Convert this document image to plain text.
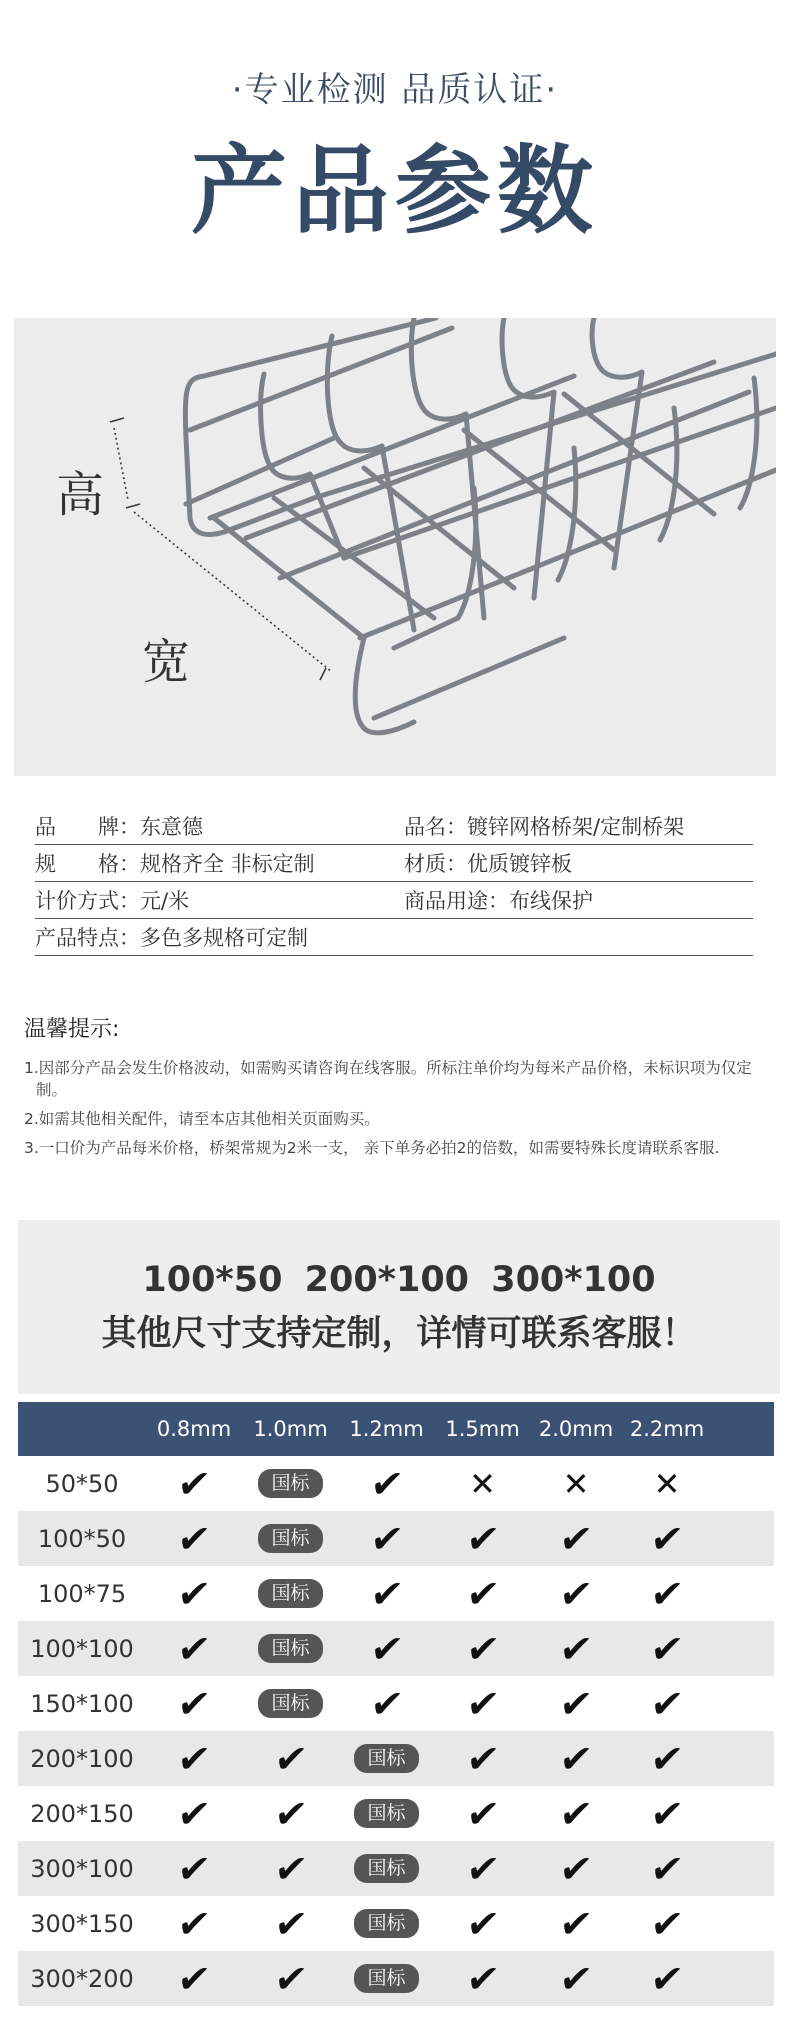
·专业检测 品质认证·
产品参数
高
宽
品　　牌：东意德	品名：镀锌网格桥架/定制桥架
规　　格：规格齐全 非标定制	材质：优质镀锌板
计价方式：元/米	商品用途：布线保护
产品特点：多色多规格可定制
温馨提示:
1.因部分产品会发生价格波动，如需购买请咨询在线客服。所标注单价均为每米产品价格，未标识项为仅定制。
2.如需其他相关配件，请至本店其他相关页面购买。
3.一口价为产品每米价格，桥架常规为2米一支， 亲下单务必拍2的倍数，如需要特殊长度请联系客服.
100*50 200*100 300*100
其他尺寸支持定制，详情可联系客服！
0.8mm	1.0mm	1.2mm	1.5mm 2.0mm 2.2mm
50*50	✔	国标	✔ ✕ ✕ ✕
100*50	✔	国标	✔ ✔ ✔ ✔
100*75	✔	国标	✔ ✔ ✔ ✔
100*100	✔	国标	✔ ✔ ✔ ✔
150*100	✔	国标	✔ ✔ ✔ ✔
200*100	✔ ✔	国标	✔ ✔ ✔
200*150	✔ ✔	国标	✔ ✔ ✔
300*100	✔ ✔	国标	✔ ✔ ✔
300*150	✔ ✔	国标	✔ ✔ ✔
300*200	✔ ✔	国标	✔ ✔ ✔
